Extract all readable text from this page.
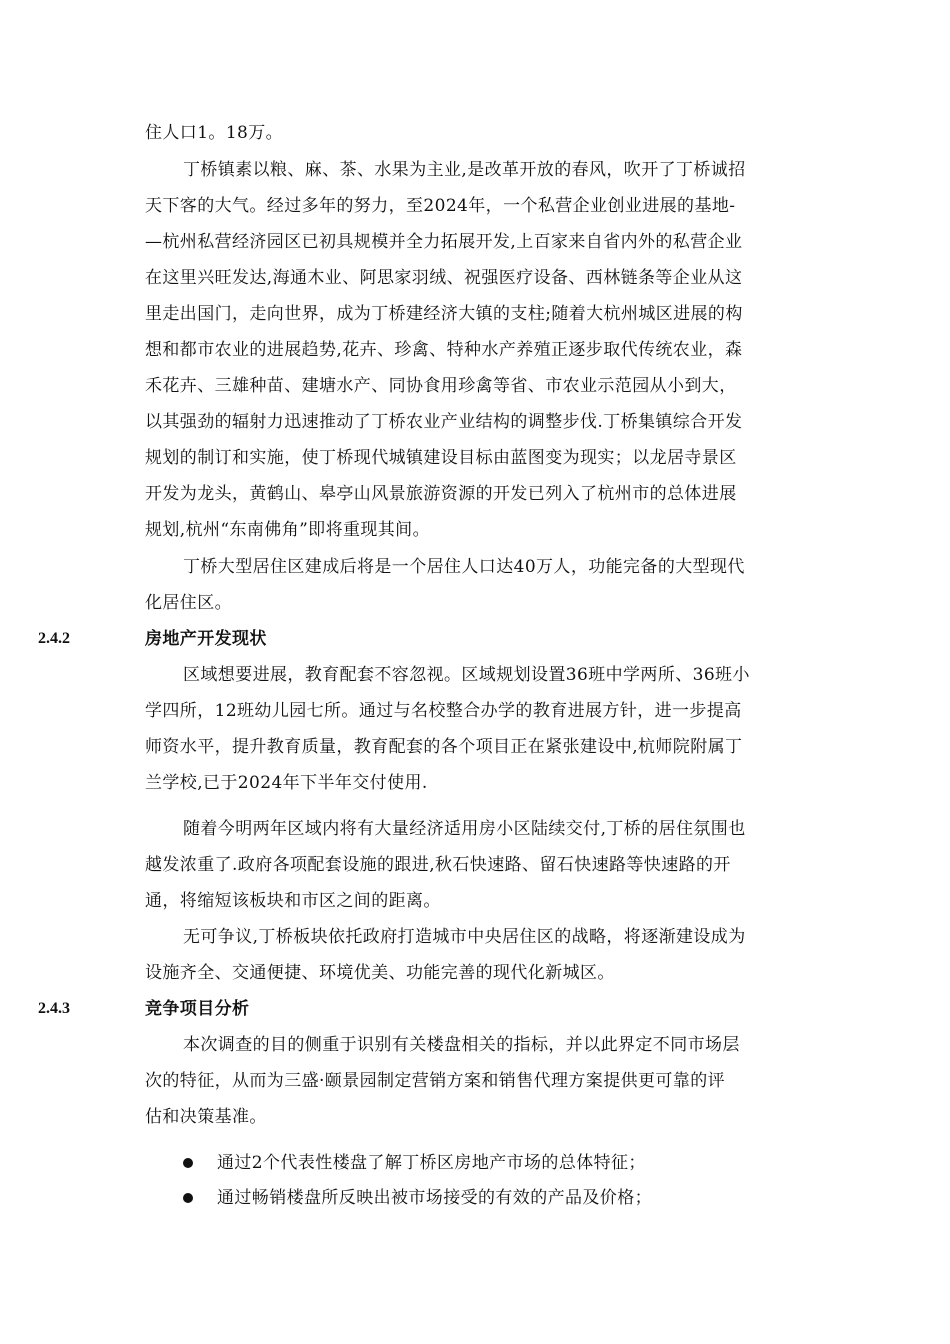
住人口1。18万。
丁桥镇素以粮、麻、茶、水果为主业,是改革开放的春风，吹开了丁桥诚招
天下客的大气。经过多年的努力，至2024年，一个私营企业创业进展的基地-
—杭州私营经济园区已初具规模并全力拓展开发,上百家来自省内外的私营企业
在这里兴旺发达,海通木业、阿思家羽绒、祝强医疗设备、西林链条等企业从这
里走出国门，走向世界，成为丁桥建经济大镇的支柱;随着大杭州城区进展的构
想和都市农业的进展趋势,花卉、珍禽、特种水产养殖正逐步取代传统农业，森
禾花卉、三雄种苗、建塘水产、同协食用珍禽等省、市农业示范园从小到大，
以其强劲的辐射力迅速推动了丁桥农业产业结构的调整步伐.丁桥集镇综合开发
规划的制订和实施，使丁桥现代城镇建设目标由蓝图变为现实；以龙居寺景区
开发为龙头，黄鹤山、皋亭山风景旅游资源的开发已列入了杭州市的总体进展
规划,杭州“东南佛角”即将重现其间。
丁桥大型居住区建成后将是一个居住人口达40万人，功能完备的大型现代
化居住区。
2.4.2	房地产开发现状
区域想要进展，教育配套不容忽视。区域规划设置36班中学两所、36班小
学四所，12班幼儿园七所。通过与名校整合办学的教育进展方针，进一步提高
师资水平，提升教育质量，教育配套的各个项目正在紧张建设中,杭师院附属丁
兰学校,已于2024年下半年交付使用.
随着今明两年区域内将有大量经济适用房小区陆续交付,丁桥的居住氛围也
越发浓重了.政府各项配套设施的跟进,秋石快速路、留石快速路等快速路的开
通，将缩短该板块和市区之间的距离。
无可争议,丁桥板块依托政府打造城市中央居住区的战略，将逐渐建设成为
设施齐全、交通便捷、环境优美、功能完善的现代化新城区。
2.4.3	竞争项目分析
本次调查的目的侧重于识别有关楼盘相关的指标，并以此界定不同市场层
次的特征，从而为三盛·颐景园制定营销方案和销售代理方案提供更可靠的评
估和决策基准。
通过2个代表性楼盘了解丁桥区房地产市场的总体特征；
通过畅销楼盘所反映出被市场接受的有效的产品及价格；
